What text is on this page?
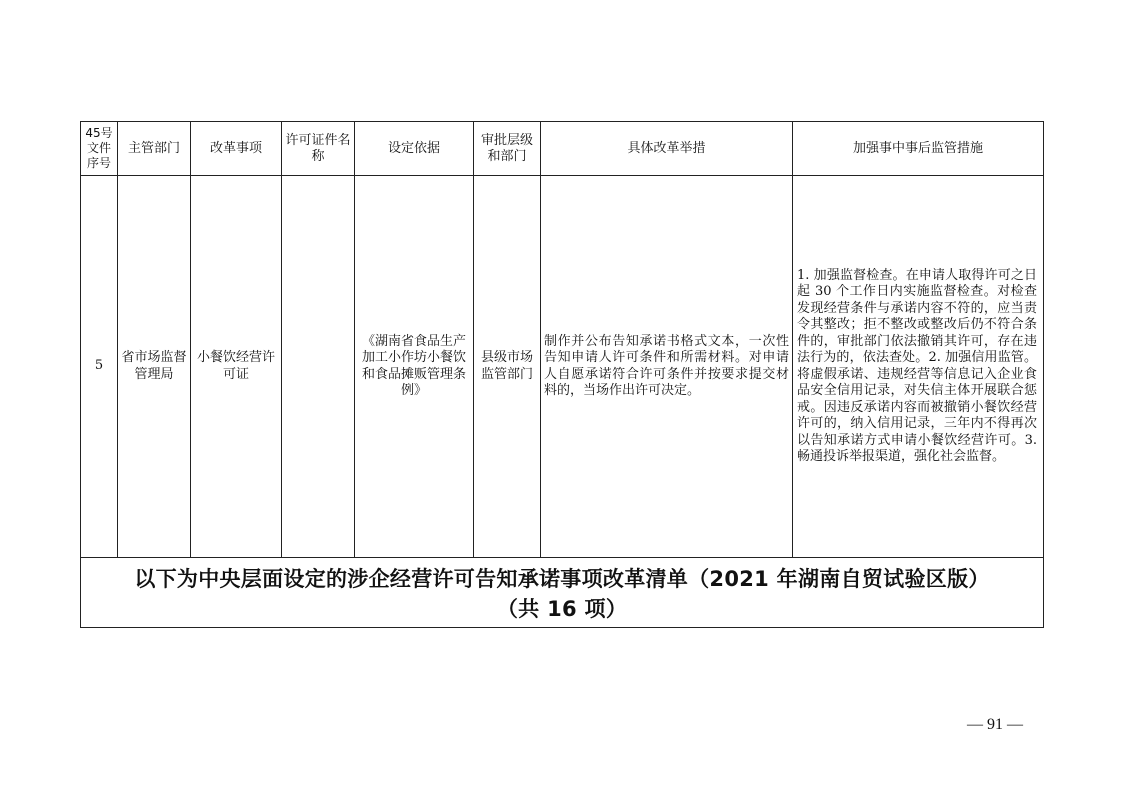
45号文件序号	主管部门	改革事项	许可证件名称	设定依据	审批层级和部门	具体改革举措	加强事中事后监管措施
5	省市场监督管理局	小餐饮经营许可证		《湖南省食品生产加工小作坊小餐饮和食品摊贩管理条例》	县级市场监管部门	制作并公布告知承诺书格式文本，一次性告知申请人许可条件和所需材料。对申请人自愿承诺符合许可条件并按要求提交材料的，当场作出许可决定。	1. 加强监督检查。在申请人取得许可之日起 30 个工作日内实施监督检查。对检查发现经营条件与承诺内容不符的，应当责令其整改；拒不整改或整改后仍不符合条件的，审批部门依法撤销其许可，存在违法行为的，依法查处。2. 加强信用监管。将虚假承诺、违规经营等信息记入企业食品安全信用记录，对失信主体开展联合惩戒。因违反承诺内容而被撤销小餐饮经营许可的，纳入信用记录，三年内不得再次以告知承诺方式申请小餐饮经营许可。3.畅通投诉举报渠道，强化社会监督。

以下为中央层面设定的涉企经营许可告知承诺事项改革清单（2021 年湖南自贸试验区版）
（共 16 项）							
— 91 —
